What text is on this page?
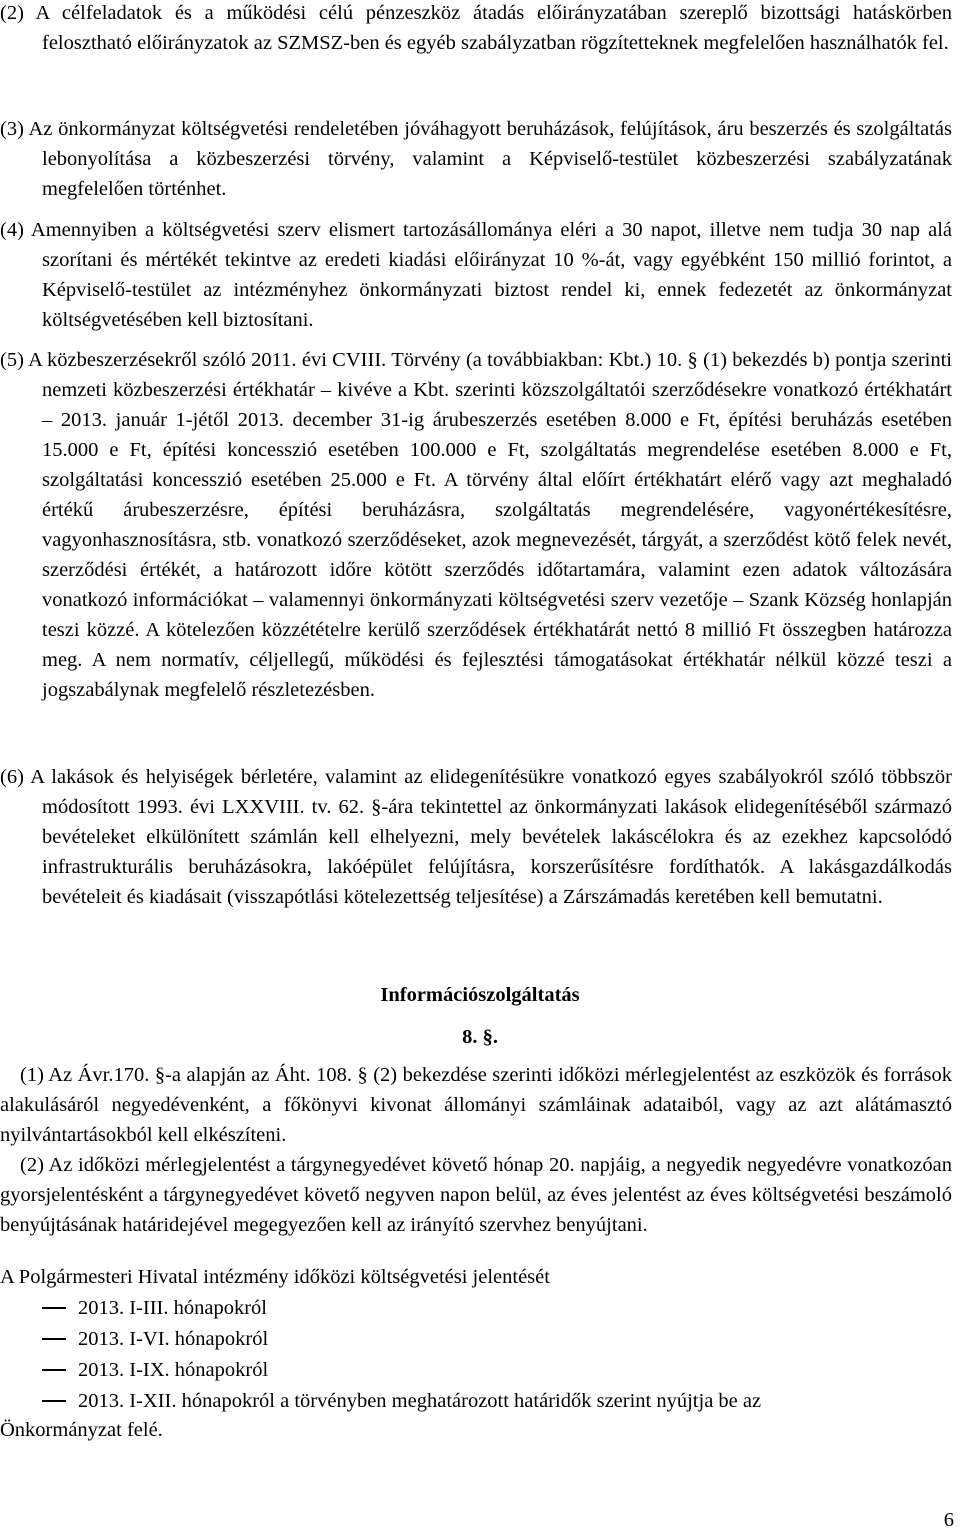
(2) A célfeladatok és a működési célú pénzeszköz átadás előirányzatában szereplő bizottsági hatáskörben felosztható előirányzatok az SZMSZ-ben és egyéb szabályzatban rögzítetteknek megfelelően használhatók fel.

(3) Az önkormányzat költségvetési rendeletében jóváhagyott beruházások, felújítások, áru beszerzés és szolgáltatás lebonyolítása a közbeszerzési törvény, valamint a Képviselő-testület közbeszerzési szabályzatának megfelelően történhet.

(4) Amennyiben a költségvetési szerv elismert tartozásállománya eléri a 30 napot, illetve nem tudja 30 nap alá szorítani és mértékét tekintve az eredeti kiadási előirányzat 10 %-át, vagy egyébként 150 millió forintot, a Képviselő-testület az intézményhez önkormányzati biztost rendel ki, ennek fedezetét az önkormányzat költségvetésében kell biztosítani.

(5) A közbeszerzésekről szóló 2011. évi CVIII. Törvény (a továbbiakban: Kbt.) 10. § (1) bekezdés b) pontja szerinti nemzeti közbeszerzési értékhatár – kivéve a Kbt. szerinti közszolgáltatói szerződésekre vonatkozó értékhatárt – 2013. január 1-jétől 2013. december 31-ig árubeszerzés esetében 8.000 e Ft, építési beruházás esetében 15.000 e Ft, építési koncesszió esetében 100.000 e Ft, szolgáltatás megrendelése esetében 8.000 e Ft, szolgáltatási koncesszió esetében 25.000 e Ft. A törvény által előírt értékhatárt elérő vagy azt meghaladó értékű árubeszerzésre, építési beruházásra, szolgáltatás megrendelésére, vagyonértékesítésre, vagyonhasznosításra, stb. vonatkozó szerződéseket, azok megnevezését, tárgyát, a szerződést kötő felek nevét, szerződési értékét, a határozott időre kötött szerződés időtartamára, valamint ezen adatok változására vonatkozó információkat – valamennyi önkormányzati költségvetési szerv vezetője – Szank Község honlapján teszi közzé. A kötelezően közzétételre kerülő szerződések értékhatárát nettó 8 millió Ft összegben határozza meg. A nem normatív, céljellegű, működési és fejlesztési támogatásokat értékhatár nélkül közzé teszi a jogszabálynak megfelelő részletezésben.

(6) A lakások és helyiségek bérletére, valamint az elidegenítésükre vonatkozó egyes szabályokról szóló többször módosított 1993. évi LXXVIII. tv. 62. §-ára tekintettel az önkormányzati lakások elidegenítéséből származó bevételeket elkülönített számlán kell elhelyezni, mely bevételek lakáscélokra és az ezekhez kapcsolódó infrastrukturális beruházásokra, lakóépület felújításra, korszerűsítésre fordíthatók. A lakásgazdálkodás bevételeit és kiadásait (visszapótlási kötelezettség teljesítése) a Zárszámadás keretében kell bemutatni.

Információszolgáltatás
8. §.

(1) Az Ávr.170. §-a alapján az Áht. 108. § (2) bekezdése szerinti időközi mérlegjelentést az eszközök és források alakulásáról negyedévenként, a főkönyvi kivonat állományi számláinak adataiból, vagy az azt alátámasztó nyilvántartásokból kell elkészíteni.

(2) Az időközi mérlegjelentést a tárgynegyedévet követő hónap 20. napjáig, a negyedik negyedévre vonatkozóan gyorsjelentésként a tárgynegyedévet követő negyven napon belül, az éves jelentést az éves költségvetési beszámoló benyújtásának határidejével megegyezően kell az irányító szervhez benyújtani.

A Polgármesteri Hivatal intézmény időközi költségvetési jelentését

2013. I-III. hónapokról
2013. I-VI. hónapokról
2013. I-IX. hónapokról
2013. I-XII. hónapokról a törvényben meghatározott határidők szerint nyújtja be az
Önkormányzat felé.
6
